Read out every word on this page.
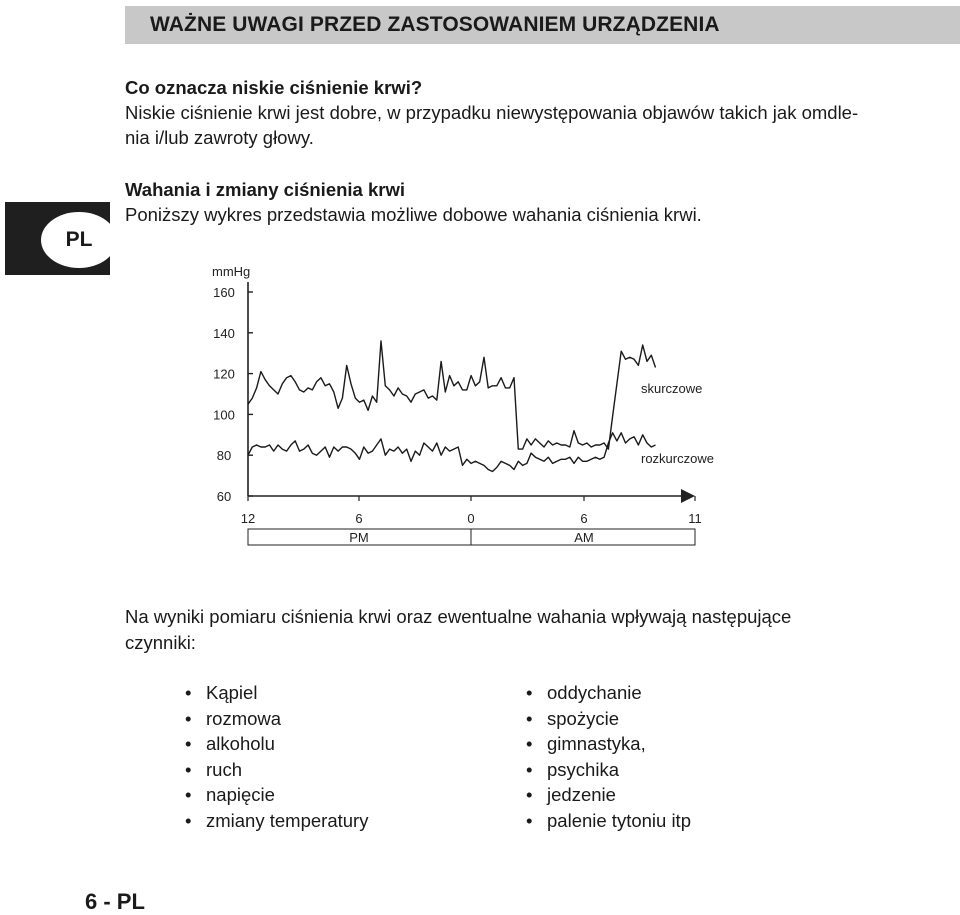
WAŻNE UWAGI PRZED ZASTOSOWANIEM URZĄDZENIA
PL
Co oznacza niskie ciśnienie krwi?
Niskie ciśnienie krwi jest dobre, w przypadku niewystępowania objawów takich jak omdle-
nia i/lub zawroty głowy.
Wahania i zmiany ciśnienia krwi
Poniższy wykres przedstawia możliwe dobowe wahania ciśnienia krwi.
mmHg
160
140
120
100
80
60
12	6	0	6	11
PM	AM
skurczowe
rozkurczowe
Na wyniki pomiaru ciśnienia krwi oraz ewentualne wahania wpływają następujące
czynniki:
• Kąpiel
• rozmowa
• alkoholu
• ruch
• napięcie
• zmiany temperatury
• oddychanie
• spożycie
• gimnastyka,
• psychika
• jedzenie
• palenie tytoniu itp
6 - PL
